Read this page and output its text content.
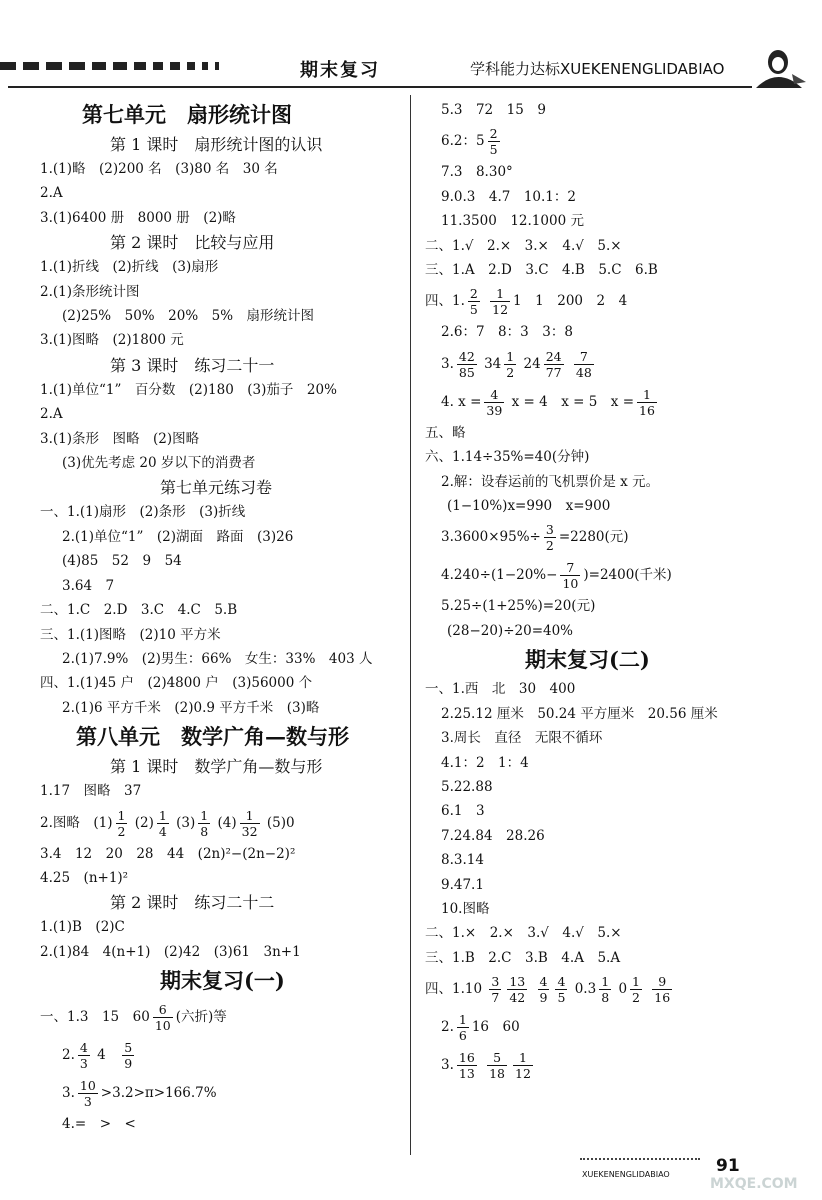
期末复习	学科能力达标XUEKENENGLIDABIAO
第七单元　扇形统计图
第 1 课时　扇形统计图的认识
1.(1)略　(2)200 名　(3)80 名　30 名
2.A
3.(1)6400 册　8000 册　(2)略
第 2 课时　比较与应用
1.(1)折线　(2)折线　(3)扇形
2.(1)条形统计图
(2)25%　50%　20%　5%　扇形统计图
3.(1)图略　(2)1800 元
第 3 课时　练习二十一
1.(1)单位“1”　百分数　(2)180　(3)茄子　20%
2.A
3.(1)条形　图略　(2)图略
(3)优先考虑 20 岁以下的消费者
第七单元练习卷
一、1.(1)扇形　(2)条形　(3)折线
2.(1)单位“1”　(2)湖面　路面　(3)26
(4)85　52　9　54
3.64　7
二、1.C　2.D　3.C　4.C　5.B
三、1.(1)图略　(2)10 平方米
2.(1)7.9%　(2)男生：66%　女生：33%　403 人
四、1.(1)45 户　(2)4800 户　(3)56000 个
2.(1)6 平方千米　(2)0.9 平方千米　(3)略
第八单元　数学广角—数与形
第 1 课时　数学广角—数与形
1.17　图略　37
2.图略　$(1) \frac{1}{2} (2) \frac{1}{4} (3) \frac{1}{8} (4) \frac{1}{32} (5)0$
3.4　12　20　28　44　(2n)²−(2n−2)²
4.25　(n+1)²
第 2 课时　练习二十二
1.(1)B　(2)C
2.(1)84　4(n+1)　(2)42　(3)61　3n+1
期末复习(一)
一、1.3　15　$60 \frac{6}{10}$ (六折)等
2. $\frac{4}{3} 4$　 $\frac{5}{9}$
3. $\frac{10}{3} >3.2>\pi>166.7\%$
4.=　>　<
5.3　72　15　9
6.2：$5 \frac{2}{5}$
7.3　8.30°
9.0.3　4.7　10.1：2
11.3500　12.1000 元
二、1.√　2.×　3.×　4.√　5.×
三、1.A　2.D　3.C　4.B　5.C　6.B
四、1. $\frac{2}{5}$
$\frac{1}{12} 1$　1　200　2　4
2.6：7　8：3　3：8
3. $\frac{42}{85} 34 \frac{1}{2} 24 \frac{24}{77}$
$\frac{7}{48}$
4. $x = \frac{4}{39}$ x = 4　x = 5　$x = \frac{1}{16}$
五、略
六、1.14÷35%=40(分钟)
2.解：设春运前的飞机票价是 x 元。
(1−10%)x=990　x=900
$3.3600\times 95\%\div \frac{3}{2} =2280$(元)
$4.240\div(1-20\%- \frac{7}{10} )=2400$(千米)
5.25÷(1+25%)=20(元)
(28−20)÷20=40%
期末复习(二)
一、1.西　北　30　400
2.25.12 厘米　50.24 平方厘米　20.56 厘米
3.周长　直径　无限不循环
4.1：2　1：4
5.22.88
6.1　3
7.24.84　28.26
8.3.14
9.47.1
10.图略
二、1.×　2.×　3.√　4.√　5.×
三、1.B　2.C　3.B　4.A　5.A
四、$1.10 \frac{3}{7} \frac{13}{42}$
$\frac{4}{9} \frac{4}{5} 0.3 \frac{1}{8} 0 \frac{1}{2}$
$\frac{9}{16}$
2. $\frac{1}{6} 16$　60
3. $\frac{16}{13}$
$\frac{5}{18} \frac{1}{12}$
XUEKENENGLIDABIAO	91
MXQE.COM
